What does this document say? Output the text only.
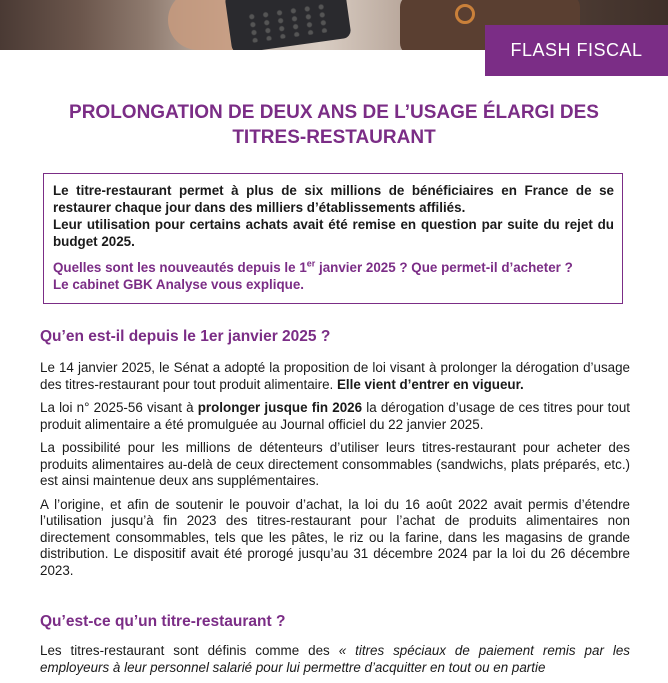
FLASH FISCAL
PROLONGATION DE DEUX ANS DE L’USAGE ÉLARGI DES TITRES-RESTAURANT

Le titre-restaurant permet à plus de six millions de bénéficiaires en France de se restaurer chaque jour dans des milliers d’établissements affiliés.

Leur utilisation pour certains achats avait été remise en question par suite du rejet du budget 2025.

Quelles sont les nouveautés depuis le 1er janvier 2025 ? Que permet-il d’acheter ?
Le cabinet GBK Analyse vous explique.

Qu’en est-il depuis le 1er janvier 2025 ?

Le 14 janvier 2025, le Sénat a adopté la proposition de loi visant à prolonger la dérogation d’usage des titres-restaurant pour tout produit alimentaire. Elle vient d’entrer en vigueur.

La loi n° 2025-56 visant à prolonger jusque fin 2026 la dérogation d’usage de ces titres pour tout produit alimentaire a été promulguée au Journal officiel du 22 janvier 2025.

La possibilité pour les millions de détenteurs d’utiliser leurs titres-restaurant pour acheter des produits alimentaires au-delà de ceux directement consommables (sandwichs, plats préparés, etc.) est ainsi maintenue deux ans supplémentaires.

A l’origine, et afin de soutenir le pouvoir d’achat, la loi du 16 août 2022 avait permis d’étendre l’utilisation jusqu’à fin 2023 des titres-restaurant pour l’achat de produits alimentaires non directement consommables, tels que les pâtes, le riz ou la farine, dans les magasins de grande distribution. Le dispositif avait été prorogé jusqu’au 31 décembre 2024 par la loi du 26 décembre 2023.

Qu’est-ce qu’un titre-restaurant ?

Les titres-restaurant sont définis comme des « titres spéciaux de paiement remis par les employeurs à leur personnel salarié pour lui permettre d’acquitter en tout ou en partie
